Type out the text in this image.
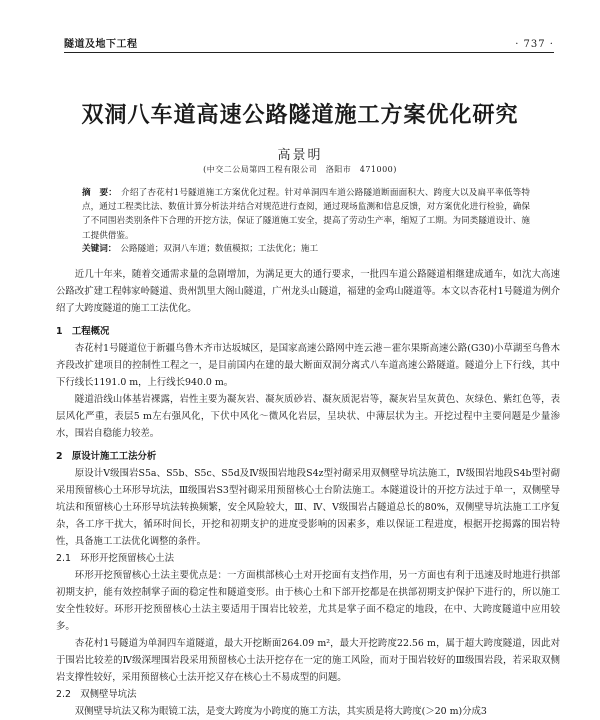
隧道及地下工程	· 737 ·
双洞八车道高速公路隧道施工方案优化研究
高景明
(中交二公局第四工程有限公司　洛阳市　471000)
摘　要： 介绍了杏花村1号隧道施工方案优化过程。针对单洞四车道公路隧道断面面积大、跨度大以及扁平率低等特点，通过工程类比法、数值计算分析法并结合对规范进行查阅，通过现场监测和信息反馈，对方案优化进行检验，确保了不同围岩类别条件下合理的开挖方法，保证了隧道施工安全，提高了劳动生产率，缩短了工期。为同类隧道设计、施工提供借鉴。
关键词： 公路隧道；双洞八车道；数值模拟；工法优化；施工

近几十年来，随着交通需求量的急剧增加，为满足更大的通行要求，一批四车道公路隧道相继建成通车，如沈大高速公路改扩建工程韩家岭隧道、贵州凯里大阁山隧道，广州龙头山隧道，福建的金鸡山隧道等。本文以杏花村1号隧道为例介绍了大跨度隧道的施工工法优化。

1　工程概况

杏花村1号隧道位于新疆乌鲁木齐市达坂城区，是国家高速公路网中连云港－霍尔果斯高速公路(G30)小草湖至乌鲁木齐段改扩建项目的控制性工程之一，是目前国内在建的最大断面双洞分离式八车道高速公路隧道。隧道分上下行线，其中下行线长1191.0 m，上行线长940.0 m。

隧道沿线山体基岩裸露，岩性主要为凝灰岩、凝灰质砂岩、凝灰质泥岩等，凝灰岩呈灰黄色、灰绿色、紫红色等，表层风化严重，表层5 m左右强风化，下伏中风化～微风化岩层，呈块状、中薄层状为主。开挖过程中主要问题是少量渗水，围岩自稳能力较差。

2　原设计施工工法分析

原设计Ⅴ级围岩S5a、S5b、S5c、S5d及Ⅳ级围岩地段S4z型衬砌采用双侧壁导坑法施工，Ⅳ级围岩地段S4b型衬砌采用预留核心土环形导坑法，Ⅲ级围岩S3型衬砌采用预留核心土台阶法施工。本隧道设计的开挖方法过于单一，双侧壁导坑法和预留核心土环形导坑法转换频繁，安全风险较大，Ⅲ、Ⅳ、Ⅴ级围岩占隧道总长的80%，双侧壁导坑法施工工序复杂，各工序干扰大，循环时间长，开挖和初期支护的进度受影响的因素多，难以保证工程进度，根据开挖揭露的围岩特性，具备施工工法优化调整的条件。

2.1　环形开挖预留核心土法

环形开挖预留核心土法主要优点是：一方面棋部核心土对开挖面有支挡作用，另一方面也有利于迅速及时地进行拱部初期支护，能有效控制掌子面的稳定性和隧道变形。由于核心土和下部开挖都是在拱部初期支护保护下进行的，所以施工安全性较好。环形开挖预留核心土法主要适用于围岩比较差，尤其是掌子面不稳定的地段，在中、大跨度隧道中应用较多。

杏花村1号隧道为单洞四车道隧道，最大开挖断面264.09 m²，最大开挖跨度22.56 m，属于超大跨度隧道，因此对于围岩比较差的Ⅳ级深埋围岩段采用预留核心土法开挖存在一定的施工风险，而对于围岩较好的Ⅲ级围岩段，若采取双侧岩支撑性较好，采用预留核心土法开挖又存在核心土不易成型的问题。

2.2　双侧壁导坑法

双侧壁导坑法又称为眼镜工法，是变大跨度为小跨度的施工方法，其实质是将大跨度(＞20 m)分成3
